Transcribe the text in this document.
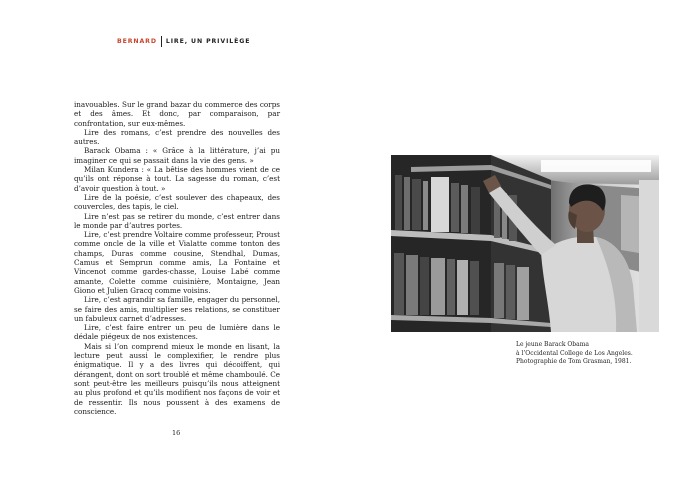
BERNARD LIRE, UN PRIVILÈGE

inavouables. Sur le grand bazar du commerce des corps et des âmes. Et donc, par comparaison, par confrontation, sur eux-mêmes.

Lire des romans, c’est prendre des nouvelles des autres.

Barack Obama : « Grâce à la littérature, j’ai pu imaginer ce qui se passait dans la vie des gens. »

Milan Kundera : « La bêtise des hommes vient de ce qu’ils ont réponse à tout. La sagesse du roman, c’est d’avoir question à tout. »

Lire de la poésie, c’est soulever des chapeaux, des couvercles, des tapis, le ciel.

Lire n’est pas se retirer du monde, c’est entrer dans le monde par d’autres portes.

Lire, c’est prendre Voltaire comme professeur, Proust comme oncle de la ville et Vialatte comme tonton des champs, Duras comme cousine, Stendhal, Dumas, Camus et Semprun comme amis, La Fontaine et Vincenot comme gardes-chasse, Louise Labé comme amante, Colette comme cuisinière, Montaigne, Jean Giono et Julien Gracq comme voisins.

Lire, c’est agrandir sa famille, engager du personnel, se faire des amis, multiplier ses relations, se constituer un fabuleux carnet d’adresses.

Lire, c’est faire entrer un peu de lumière dans le dédale piégeux de nos existences.

Mais si l’on comprend mieux le monde en lisant, la lecture peut aussi le complexifier, le rendre plus énigmatique. Il y a des livres qui décoiffent, qui dérangent, dont on sort troublé et même chamboulé. Ce sont peut-être les meilleurs puisqu’ils nous atteignent au plus profond et qu’ils modifient nos façons de voir et de ressentir. Ils nous poussent à des examens de conscience.

16
Le jeune Barack Obama
à l’Occidental College de Los Angeles.
Photographie de Tom Grasman, 1981.
